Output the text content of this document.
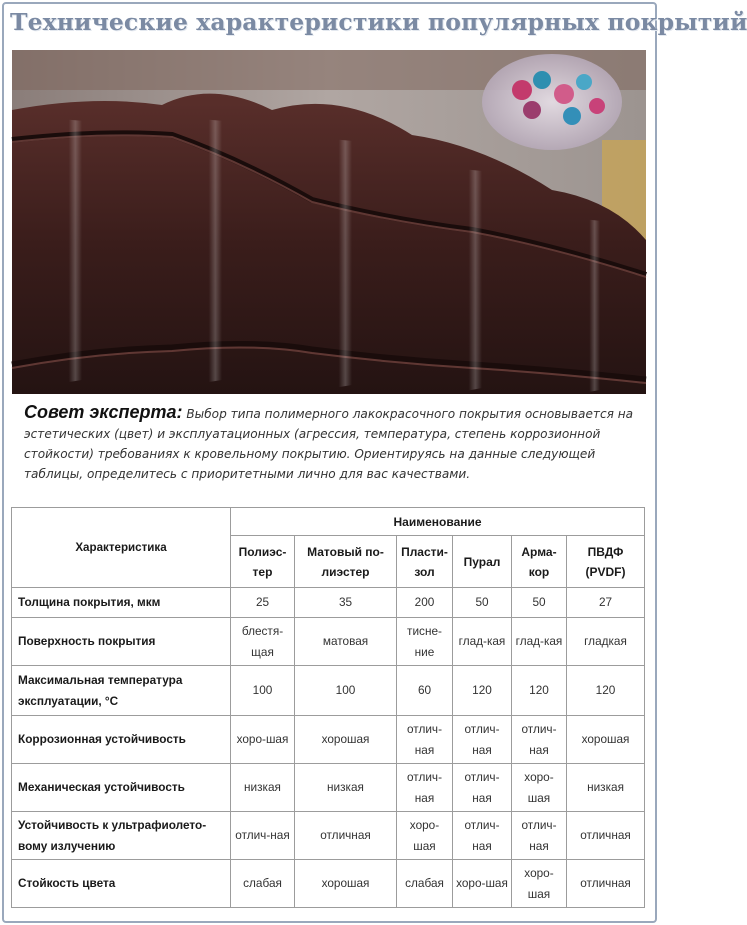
Технические характеристики популярных покрытий
Совет эксперта: Выбор типа полимерного лакокрасочного покрытия основывается на эстетических (цвет) и эксплуатационных (агрессия, температура, степень коррозионной стойкости) требованиях к кровельному покрытию. Ориентируясь на данные следующей таблицы, определитесь с приоритетными лично для вас качествами.
Характеристика	Наименование					
	Полиэс-тер	Матовый по-лиэстер	Пласти-зол	Пурал	Арма-кор	ПВДФ (PVDF)
Толщина покрытия, мкм	25	35	200	50	50	27
Поверхность покрытия	блестя-щая	матовая	тисне-ние	глад-кая	глад-кая	гладкая
Максимальная температура эксплуатации, °С	100	100	60	120	120	120
Коррозионная устойчивость	хоро-шая	хорошая	отлич-ная	отлич-ная	отлич-ная	хорошая
Механическая устойчивость	низкая	низкая	отлич-ная	отлич-ная	хоро-шая	низкая
Устойчивость к ультрафиолето-вому излучению	отлич-ная	отличная	хоро-шая	отлич-ная	отлич-ная	отличная
Стойкость цвета	слабая	хорошая	слабая	хоро-шая	хоро-шая	отличная
